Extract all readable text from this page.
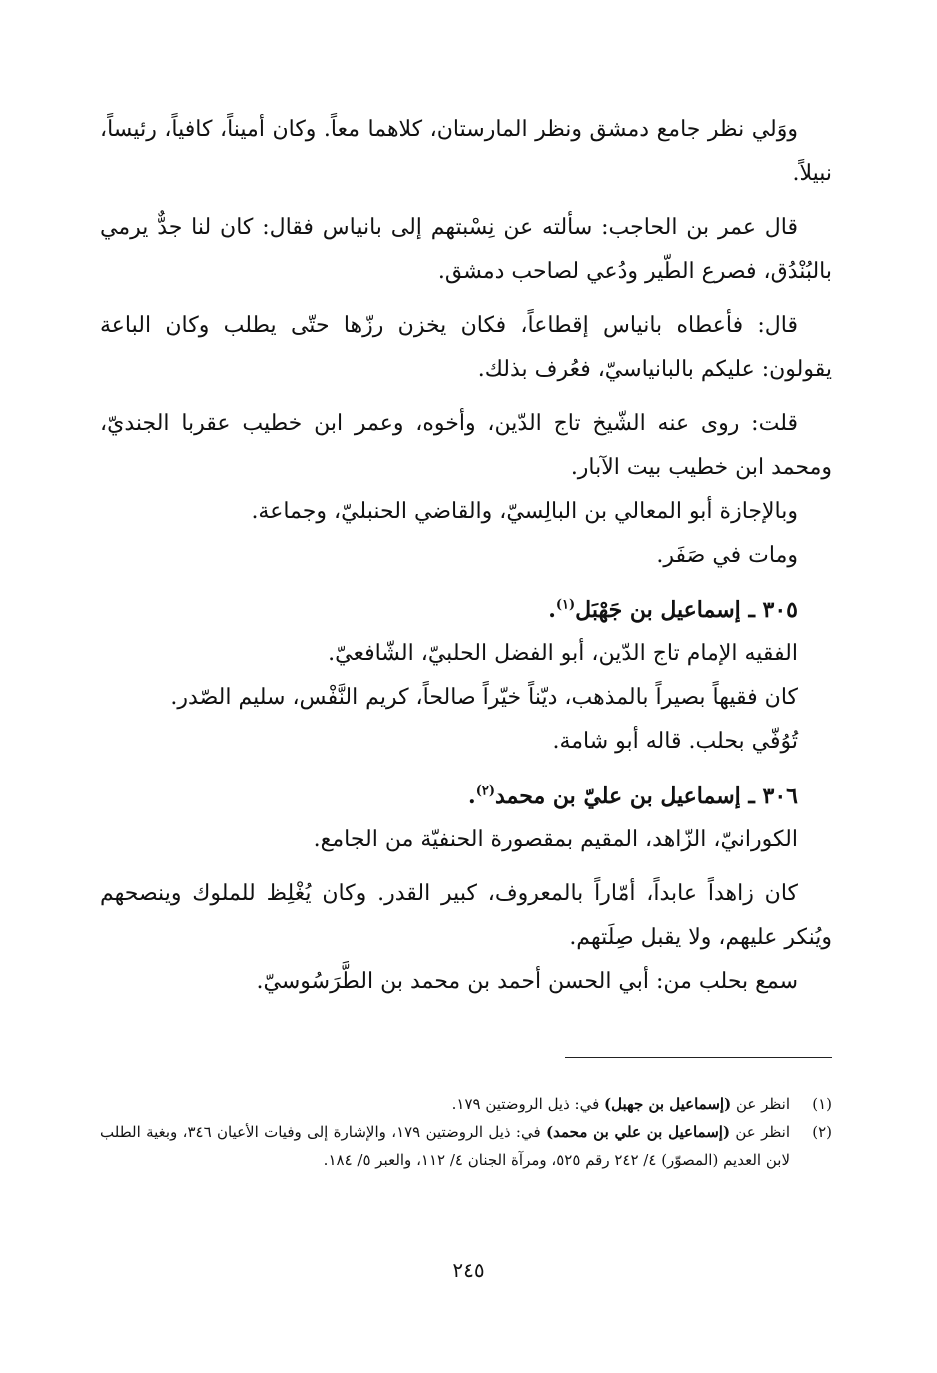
ووَلي نظر جامع دمشق ونظر المارستان، كلاهما معاً. وكان أميناً، كافياً، رئيساً، نبيلاً.

قال عمر بن الحاجب: سألته عن نِسْبتهم إلى بانياس فقال: كان لنا جدٌّ يرمي بالبُنْدُق، فصرع الطّير ودُعي لصاحب دمشق.

قال: فأعطاه بانياس إقطاعاً، فكان يخزن رزّها حتّى يطلب وكان الباعة يقولون: عليكم بالبانياسيّ، فعُرف بذلك.

قلت: روى عنه الشّيخ تاج الدّين، وأخوه، وعمر ابن خطيب عقربا الجنديّ، ومحمد ابن خطيب بيت الآبار.

وبالإجازة أبو المعالي بن البالِسيّ، والقاضي الحنبليّ، وجماعة.

ومات في صَفَر.

٣٠٥ ـ إسماعيل بن جَهْبَل$^{(١)}$.

الفقيه الإمام تاج الدّين، أبو الفضل الحلبيّ، الشّافعيّ.

كان فقيهاً بصيراً بالمذهب، ديّناً خيّراً صالحاً، كريم النَّفْس، سليم الصّدر.

تُوُفّي بحلب. قاله أبو شامة.

٣٠٦ ـ إسماعيل بن عليّ بن محمد$^{(٢)}$.

الكورانيّ، الزّاهد، المقيم بمقصورة الحنفيّة من الجامع.

كان زاهداً عابداً، أمّاراً بالمعروف، كبير القدر. وكان يُغْلِظ للملوك وينصحهم ويُنكر عليهم، ولا يقبل صِلَتهم.

سمع بحلب من: أبي الحسن أحمد بن محمد بن الطَّرَسُوسيّ.

(١)
انظر عن (إسماعيل بن جهبل) في: ذيل الروضتين ١٧٩.
(٢)
انظر عن (إسماعيل بن علي بن محمد) في: ذيل الروضتين ١٧٩، والإشارة إلى وفيات الأعيان ٣٤٦، وبغية الطلب لابن العديم (المصوّر) ٤/ ٢٤٢ رقم ٥٢٥، ومرآة الجنان ٤/ ١١٢، والعبر ٥/ ١٨٤.
٢٤٥
